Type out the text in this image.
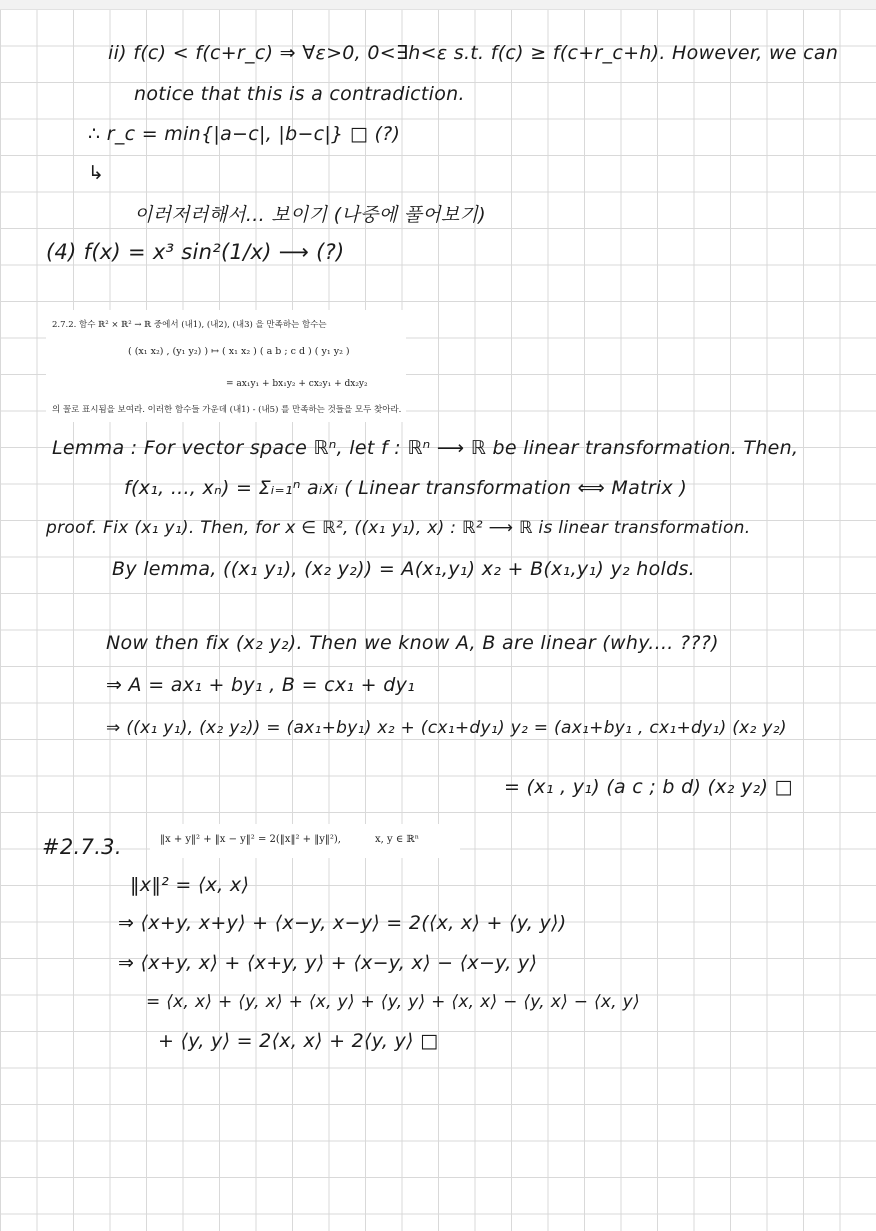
ii) f(c) < f(c+r_c) ⇒ ∀ε>0, 0<∃h<ε s.t. f(c) ≥ f(c+r_c+h). However, we can
notice that this is a contradiction.
∴ r_c = min{|a−c|, |b−c|} □ (?)
↳
이러저러해서... 보이기 (나중에 풀어보기)
(4) f(x) = x³ sin²(1/x) ⟶ (?)
2.7.2. 함수 ℝ² × ℝ² → ℝ 중에서 (내1), (내2), (내3) 을 만족하는 함수는
( (x₁ x₂) , (y₁ y₂) ) ↦ ( x₁ x₂ ) ( a b ; c d ) ( y₁ y₂ )
= ax₁y₁ + bx₁y₂ + cx₂y₁ + dx₂y₂
의 꼴로 표시됨을 보여라. 이러한 함수들 가운데 (내1) - (내5) 를 만족하는 것들을 모두 찾아라.
Lemma : For vector space ℝⁿ, let f : ℝⁿ ⟶ ℝ be linear transformation. Then,
f(x₁, ..., xₙ) = Σᵢ₌₁ⁿ aᵢxᵢ ( Linear transformation ⟺ Matrix )
proof. Fix (x₁ y₁). Then, for x ∈ ℝ², ((x₁ y₁), x) : ℝ² ⟶ ℝ is linear transformation.
By lemma, ((x₁ y₁), (x₂ y₂)) = A(x₁,y₁) x₂ + B(x₁,y₁) y₂ holds.
Now then fix (x₂ y₂). Then we know A, B are linear (why.... ???)
⇒ A = ax₁ + by₁ , B = cx₁ + dy₁
⇒ ((x₁ y₁), (x₂ y₂)) = (ax₁+by₁) x₂ + (cx₁+dy₁) y₂ = (ax₁+by₁ , cx₁+dy₁) (x₂ y₂)
= (x₁ , y₁) (a c ; b d) (x₂ y₂) □
#2.7.3.	‖x + y‖² + ‖x − y‖² = 2(‖x‖² + ‖y‖²),	x, y ∈ ℝⁿ
‖x‖² = ⟨x, x⟩
⇒ ⟨x+y, x+y⟩ + ⟨x−y, x−y⟩ = 2(⟨x, x⟩ + ⟨y, y⟩)
⇒ ⟨x+y, x⟩ + ⟨x+y, y⟩ + ⟨x−y, x⟩ − ⟨x−y, y⟩
= ⟨x, x⟩ + ⟨y, x⟩ + ⟨x, y⟩ + ⟨y, y⟩ + ⟨x, x⟩ − ⟨y, x⟩ − ⟨x, y⟩
+ ⟨y, y⟩ = 2⟨x, x⟩ + 2⟨y, y⟩ □
